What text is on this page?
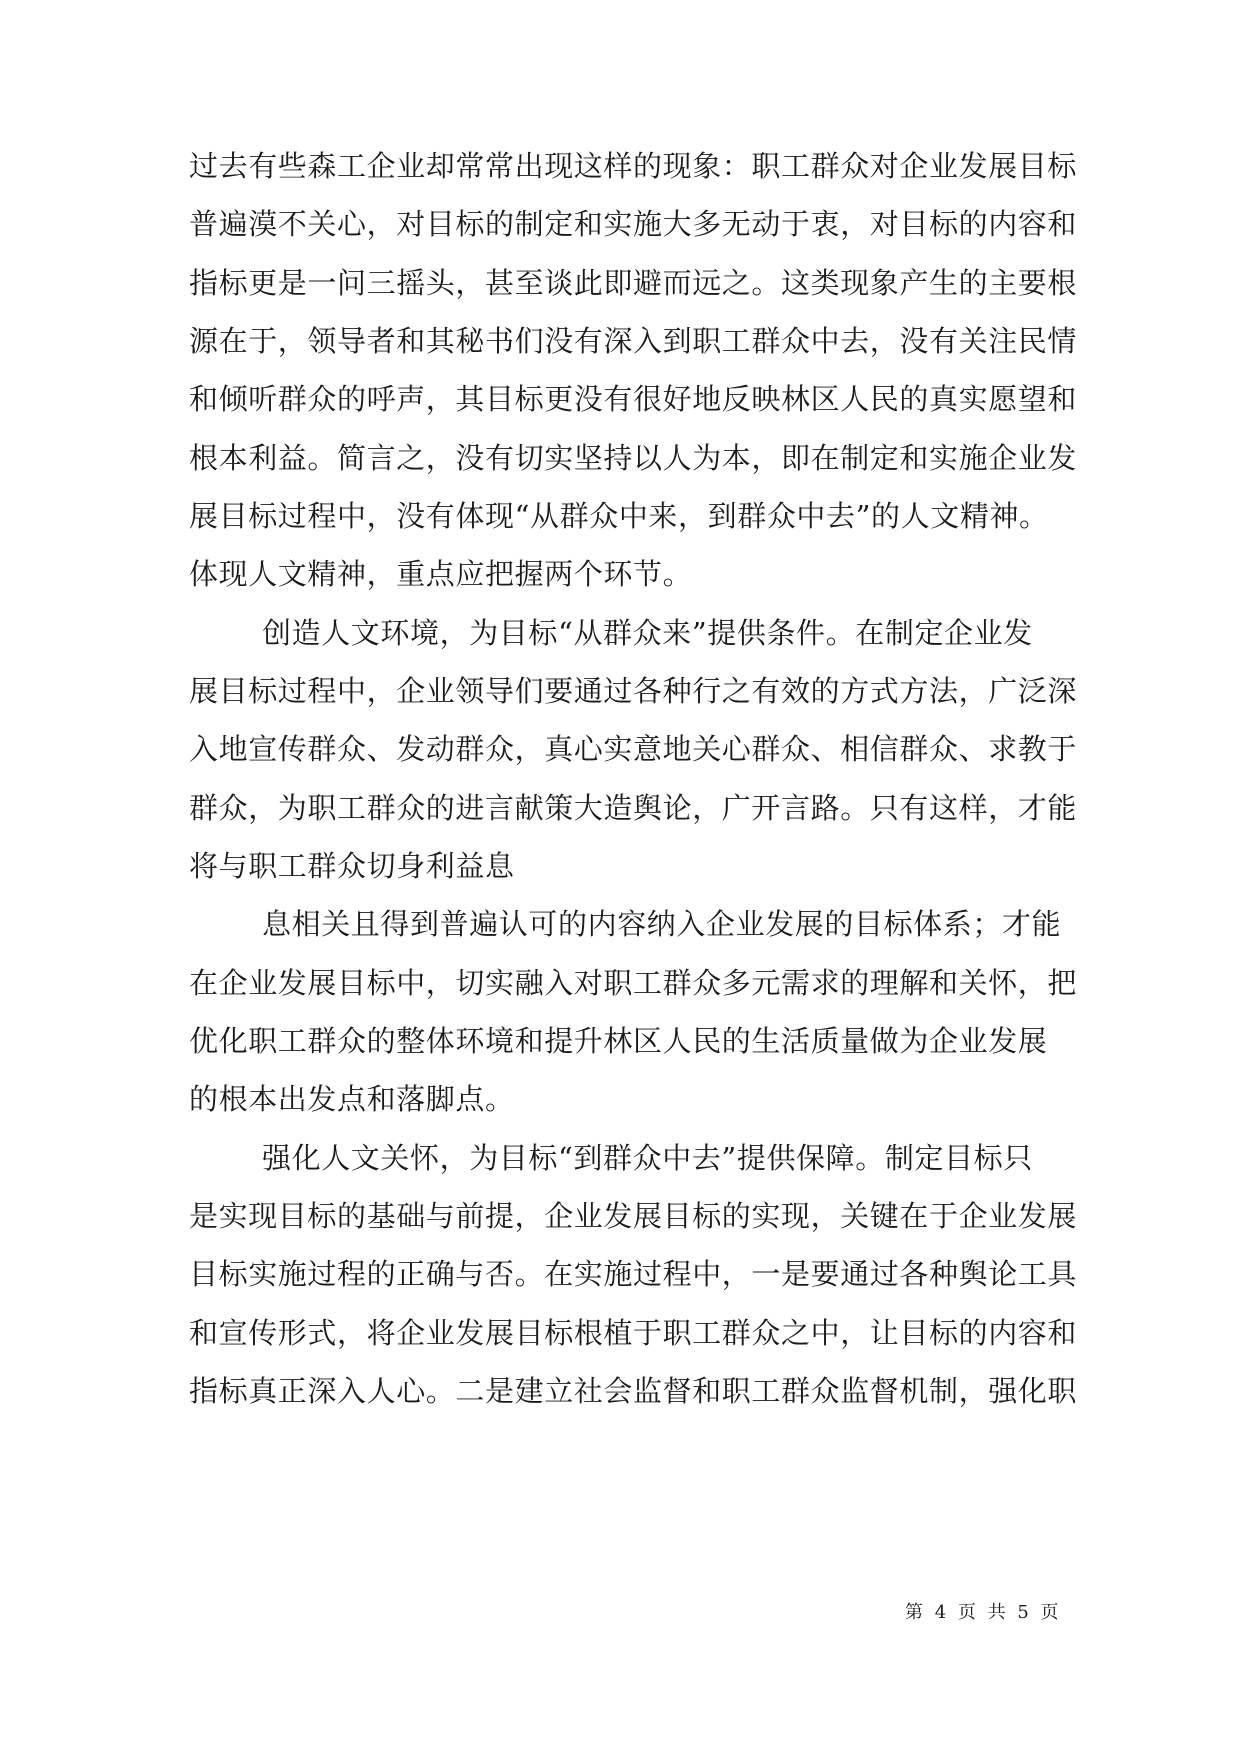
过去有些森工企业却常常出现这样的现象：职工群众对企业发展目标
普遍漠不关心，对目标的制定和实施大多无动于衷，对目标的内容和
指标更是一问三摇头，甚至谈此即避而远之。这类现象产生的主要根
源在于，领导者和其秘书们没有深入到职工群众中去，没有关注民情
和倾听群众的呼声，其目标更没有很好地反映林区人民的真实愿望和
根本利益。简言之，没有切实坚持以人为本，即在制定和实施企业发
展目标过程中，没有体现“从群众中来，到群众中去”的人文精神。
体现人文精神，重点应把握两个环节。
创造人文环境，为目标“从群众来”提供条件。在制定企业发
展目标过程中，企业领导们要通过各种行之有效的方式方法，广泛深
入地宣传群众、发动群众，真心实意地关心群众、相信群众、求教于
群众，为职工群众的进言献策大造舆论，广开言路。只有这样，才能
将与职工群众切身利益息
息相关且得到普遍认可的内容纳入企业发展的目标体系；才能
在企业发展目标中，切实融入对职工群众多元需求的理解和关怀，把
优化职工群众的整体环境和提升林区人民的生活质量做为企业发展
的根本出发点和落脚点。
强化人文关怀，为目标“到群众中去”提供保障。制定目标只
是实现目标的基础与前提，企业发展目标的实现，关键在于企业发展
目标实施过程的正确与否。在实施过程中，一是要通过各种舆论工具
和宣传形式，将企业发展目标根植于职工群众之中，让目标的内容和
指标真正深入人心。二是建立社会监督和职工群众监督机制，强化职
第 4 页 共 5 页
